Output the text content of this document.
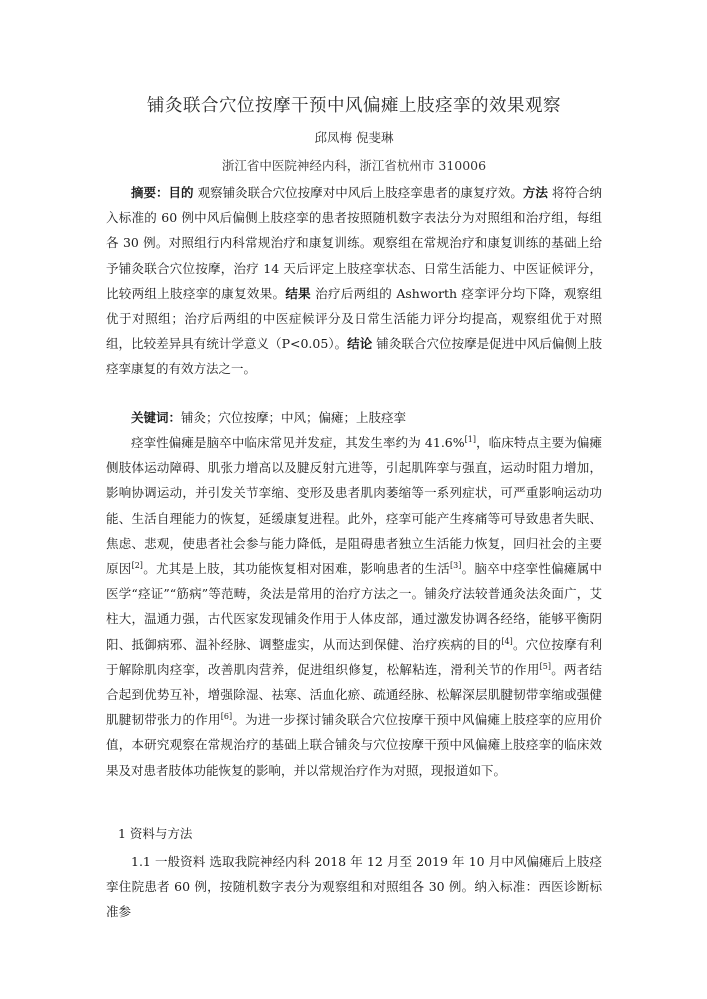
铺灸联合穴位按摩干预中风偏瘫上肢痉挛的效果观察
邱凤梅 倪斐琳
浙江省中医院神经内科，浙江省杭州市 310006

摘要：目的 观察铺灸联合穴位按摩对中风后上肢痉挛患者的康复疗效。方法 将符合纳入标准的 60 例中风后偏侧上肢痉挛的患者按照随机数字表法分为对照组和治疗组，每组各 30 例。对照组行内科常规治疗和康复训练。观察组在常规治疗和康复训练的基础上给予铺灸联合穴位按摩，治疗 14 天后评定上肢痉挛状态、日常生活能力、中医证候评分，比较两组上肢痉挛的康复效果。结果 治疗后两组的 Ashworth 痉挛评分均下降，观察组优于对照组；治疗后两组的中医症候评分及日常生活能力评分均提高，观察组优于对照组，比较差异具有统计学意义（P<0.05）。结论 铺灸联合穴位按摩是促进中风后偏侧上肢痉挛康复的有效方法之一。

关键词：铺灸；穴位按摩；中风；偏瘫；上肢痉挛

痉挛性偏瘫是脑卒中临床常见并发症，其发生率约为 41.6%[1]，临床特点主要为偏瘫侧肢体运动障碍、肌张力增高以及腱反射亢进等，引起肌阵挛与强直，运动时阻力增加，影响协调运动，并引发关节挛缩、变形及患者肌肉萎缩等一系列症状，可严重影响运动功能、生活自理能力的恢复，延缓康复进程。此外，痉挛可能产生疼痛等可导致患者失眠、焦虑、悲观，使患者社会参与能力降低，是阻碍患者独立生活能力恢复，回归社会的主要原因[2]。尤其是上肢，其功能恢复相对困难，影响患者的生活[3]。脑卒中痉挛性偏瘫属中医学“痉证”“筋病”等范畴，灸法是常用的治疗方法之一。铺灸疗法较普通灸法灸面广，艾柱大，温通力强，古代医家发现铺灸作用于人体皮部，通过激发协调各经络，能够平衡阴阳、抵御病邪、温补经脉、调整虚实，从而达到保健、治疗疾病的目的[4]。穴位按摩有利于解除肌肉痉挛，改善肌肉营养，促进组织修复，松解粘连，滑利关节的作用[5]。两者结合起到优势互补，增强除湿、祛寒、活血化瘀、疏通经脉、松解深层肌腱韧带挛缩或强健肌腱韧带张力的作用[6]。为进一步探讨铺灸联合穴位按摩干预中风偏瘫上肢痉挛的应用价值，本研究观察在常规治疗的基础上联合铺灸与穴位按摩干预中风偏瘫上肢痉挛的临床效果及对患者肢体功能恢复的影响，并以常规治疗作为对照，现报道如下。

1 资料与方法

1.1 一般资料 选取我院神经内科 2018 年 12 月至 2019 年 10 月中风偏瘫后上肢痉挛住院患者 60 例，按随机数字表分为观察组和对照组各 30 例。纳入标准：西医诊断标准参
